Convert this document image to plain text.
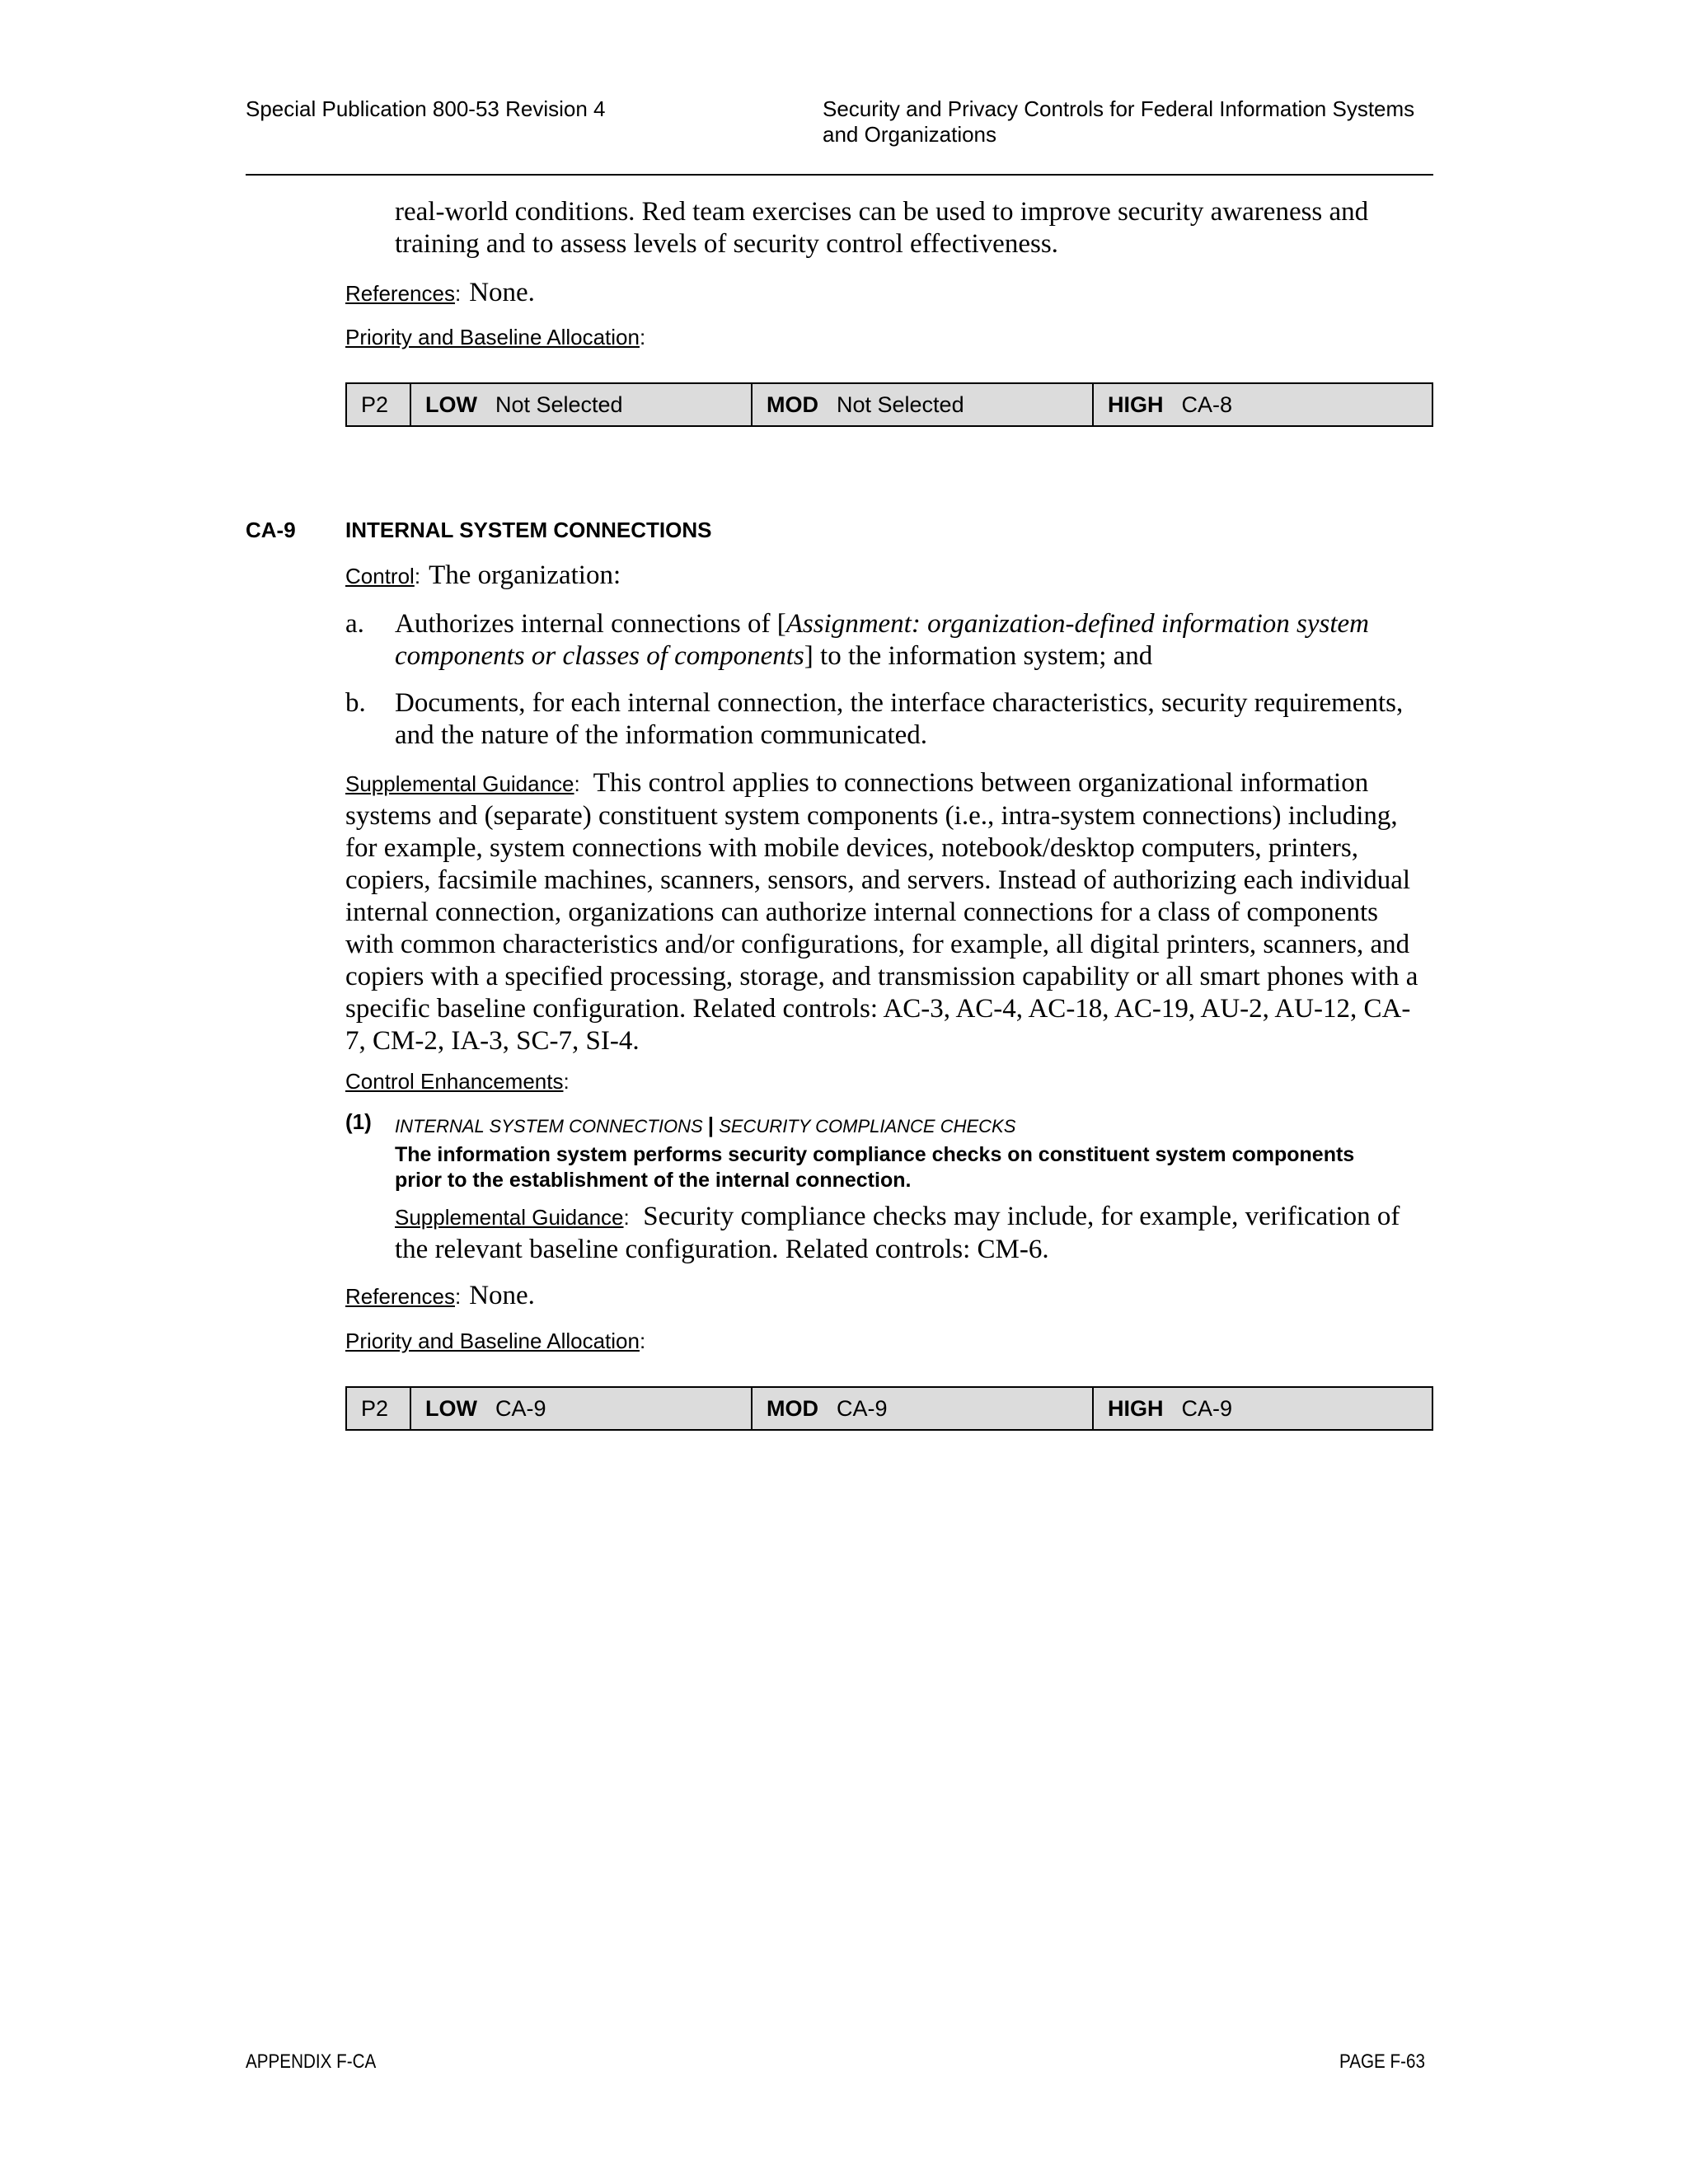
Special Publication 800-53 Revision 4	Security and Privacy Controls for Federal Information Systems
and Organizations
real-world conditions. Red team exercises can be used to improve security awareness and
training and to assess levels of security control effectiveness.
References: None.
Priority and Baseline Allocation:
P2	LOW Not Selected	MOD Not Selected	HIGH CA-8
CA-9 INTERNAL SYSTEM CONNECTIONS
Control: The organization:
a. Authorizes internal connections of [Assignment: organization-defined information system
components or classes of components] to the information system; and
b. Documents, for each internal connection, the interface characteristics, security requirements,
and the nature of the information communicated.
Supplemental Guidance: This control applies to connections between organizational information
systems and (separate) constituent system components (i.e., intra-system connections) including,
for example, system connections with mobile devices, notebook/desktop computers, printers,
copiers, facsimile machines, scanners, sensors, and servers. Instead of authorizing each individual
internal connection, organizations can authorize internal connections for a class of components
with common characteristics and/or configurations, for example, all digital printers, scanners, and
copiers with a specified processing, storage, and transmission capability or all smart phones with a
specific baseline configuration. Related controls: AC-3, AC-4, AC-18, AC-19, AU-2, AU-12, CA-
7, CM-2, IA-3, SC-7, SI-4.
Control Enhancements:
(1) INTERNAL SYSTEM CONNECTIONS | SECURITY COMPLIANCE CHECKS
The information system performs security compliance checks on constituent system components
prior to the establishment of the internal connection.
Supplemental Guidance: Security compliance checks may include, for example, verification of
the relevant baseline configuration. Related controls: CM-6.
References: None.
Priority and Baseline Allocation:
P2	LOW CA-9	MOD CA-9	HIGH CA-9
APPENDIX F-CA	PAGE F-63
